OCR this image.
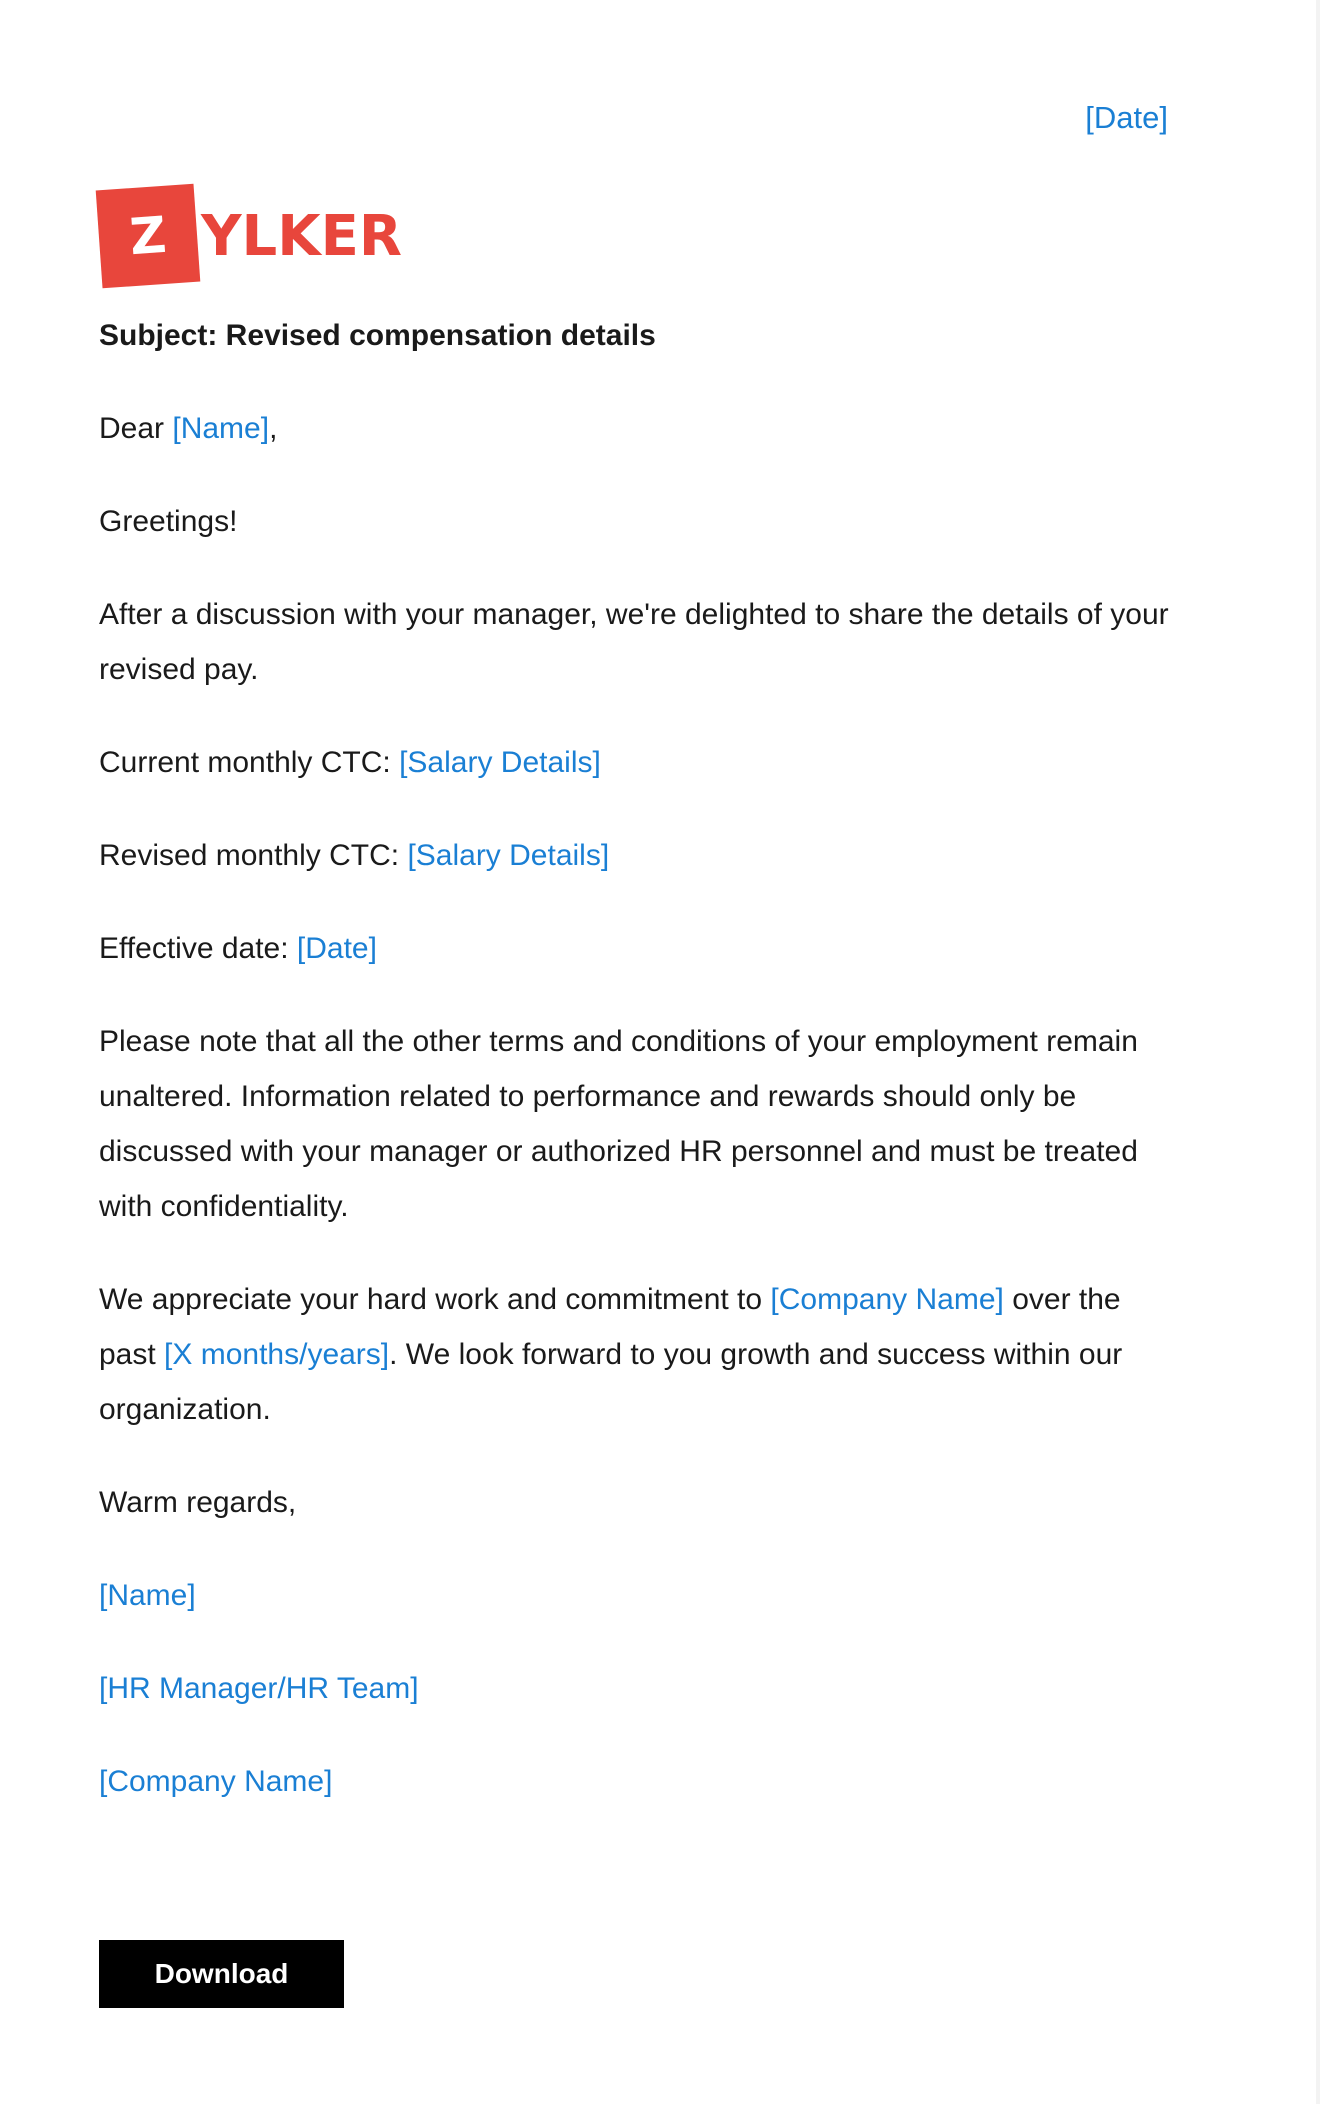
[Date]
Z YLKER

Subject: Revised compensation details

Dear [Name],

Greetings!

After a discussion with your manager, we're delighted to share the details of your revised pay.

Current monthly CTC: [Salary Details]

Revised monthly CTC: [Salary Details]

Effective date: [Date]

Please note that all the other terms and conditions of your employment remain unaltered. Information related to performance and rewards should only be discussed with your manager or authorized HR personnel and must be treated with confidentiality.

We appreciate your hard work and commitment to [Company Name] over the past [X months/years]. We look forward to you growth and success within our organization.

Warm regards,

[Name]

[HR Manager/HR Team]

[Company Name]

Download
